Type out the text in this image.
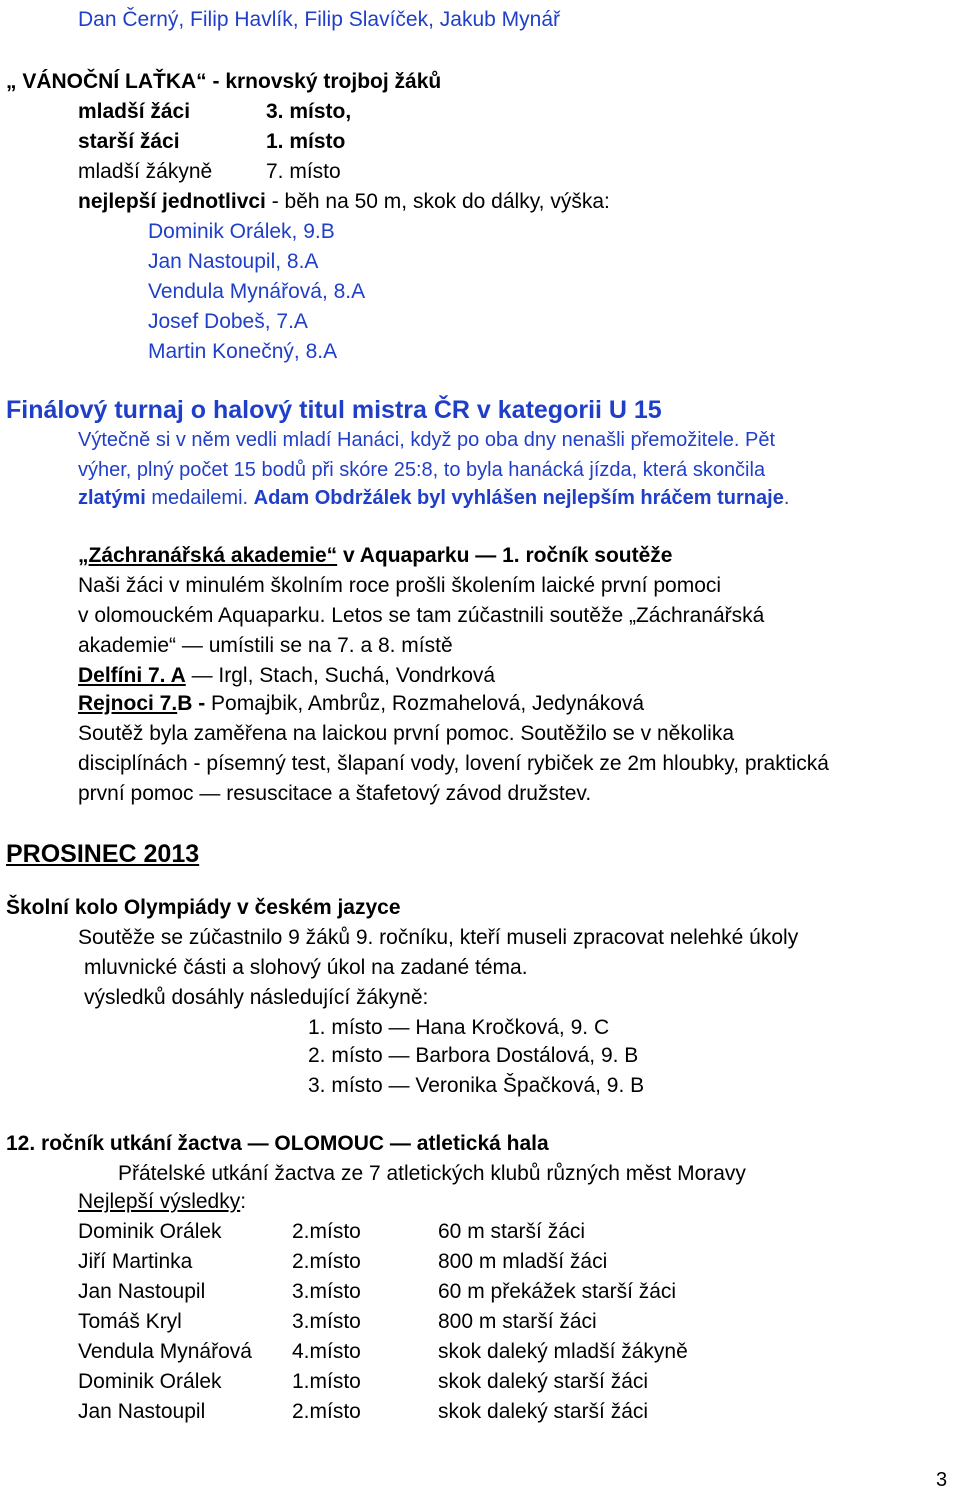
Dan Černý, Filip Havlík, Filip Slavíček, Jakub Mynář
„ VÁNOČNÍ LAŤKA“ - krnovský trojboj žáků
mladší žáci	3. místo,
starší žáci	1. místo
mladší žákyně	7. místo
nejlepší jednotlivci - běh na 50 m, skok do dálky, výška:
Dominik Orálek, 9.B
Jan Nastoupil, 8.A
Vendula Mynářová, 8.A
Josef Dobeš, 7.A
Martin Konečný, 8.A
Finálový turnaj o halový titul mistra ČR v kategorii U 15
Výtečně si v něm vedli mladí Hanáci, když po oba dny nenašli přemožitele. Pět
výher, plný počet 15 bodů při skóre 25:8, to byla hanácká jízda, která skončila
zlatými medailemi. Adam Obdržálek byl vyhlášen nejlepším hráčem turnaje.
„Záchranářská akademie“ v Aquaparku — 1. ročník soutěže
Naši žáci v minulém školním roce prošli školením laické první pomoci
v olomouckém Aquaparku. Letos se tam zúčastnili soutěže „Záchranářská
akademie“ — umístili se na 7. a 8. místě
Delfíni 7. A — Irgl, Stach, Suchá, Vondrková
Rejnoci 7.B - Pomajbik, Ambrůz, Rozmahelová, Jedynáková
Soutěž byla zaměřena na laickou první pomoc. Soutěžilo se v několika
disciplínách - písemný test, šlapaní vody, lovení rybiček ze 2m hloubky, praktická
první pomoc — resuscitace a štafetový závod družstev.
PROSINEC 2013
Školní kolo Olympiády v českém jazyce
Soutěže se zúčastnilo 9 žáků 9. ročníku, kteří museli zpracovat nelehké úkoly
mluvnické části a slohový úkol na zadané téma.
výsledků dosáhly následující žákyně:
1. místo — Hana Kročková, 9. C
2. místo — Barbora Dostálová, 9. B
3. místo — Veronika Špačková, 9. B
12. ročník utkání žactva — OLOMOUC — atletická hala
Přátelské utkání žactva ze 7 atletických klubů různých měst Moravy
Nejlepší výsledky:
Dominik Orálek	2.místo	60 m starší žáci
Jiří Martinka	2.místo	800 m mladší žáci
Jan Nastoupil	3.místo	60 m překážek starší žáci
Tomáš Kryl	3.místo	800 m starší žáci
Vendula Mynářová 4.místo	skok daleký mladší žákyně
Dominik Orálek	1.místo	skok daleký starší žáci
Jan Nastoupil	2.místo	skok daleký starší žáci
3
